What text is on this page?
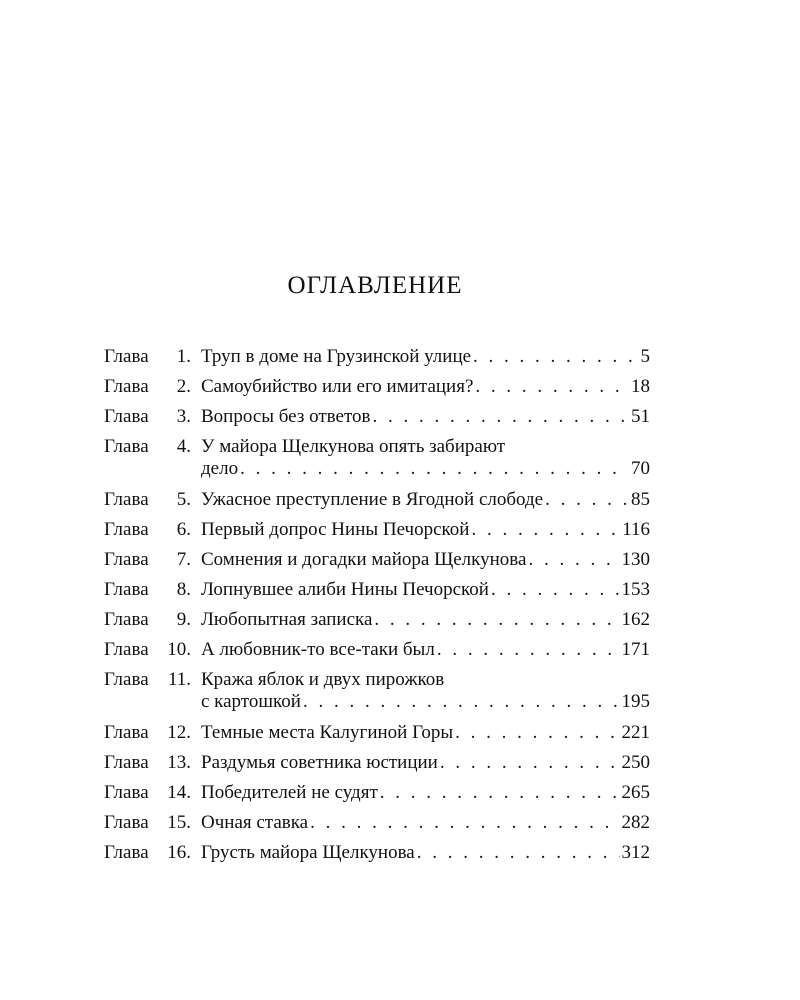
ОГЛАВЛЕНИЕ
Глава	1. Труп в доме на Грузинской улице . . .	5
Глава	2. Самоубийство или его имитация? . . .	18
Глава	3. Вопросы без ответов . . .	51
Глава	4. У майора Щелкунова опять забирают
дело . . .	70
Глава	5. Ужасное преступление в Ягодной слободе . . .	85
Глава	6. Первый допрос Нины Печорской . . .	116
Глава	7. Сомнения и догадки майора Щелкунова . . .	130
Глава	8. Лопнувшее алиби Нины Печорской . . .	153
Глава	9. Любопытная записка . . .	162
Глава 10. А любовник-то все-таки был . . .	171
Глава	11. Кража яблок и двух пирожков
с картошкой . . .	195
Глава 12. Темные места Калугиной Горы . . .	221
Глава 13. Раздумья советника юстиции . . .	250
Глава 14. Победителей не судят . . .	265
Глава 15. Очная ставка . . .	282
Глава 16. Грусть майора Щелкунова . . .	312
